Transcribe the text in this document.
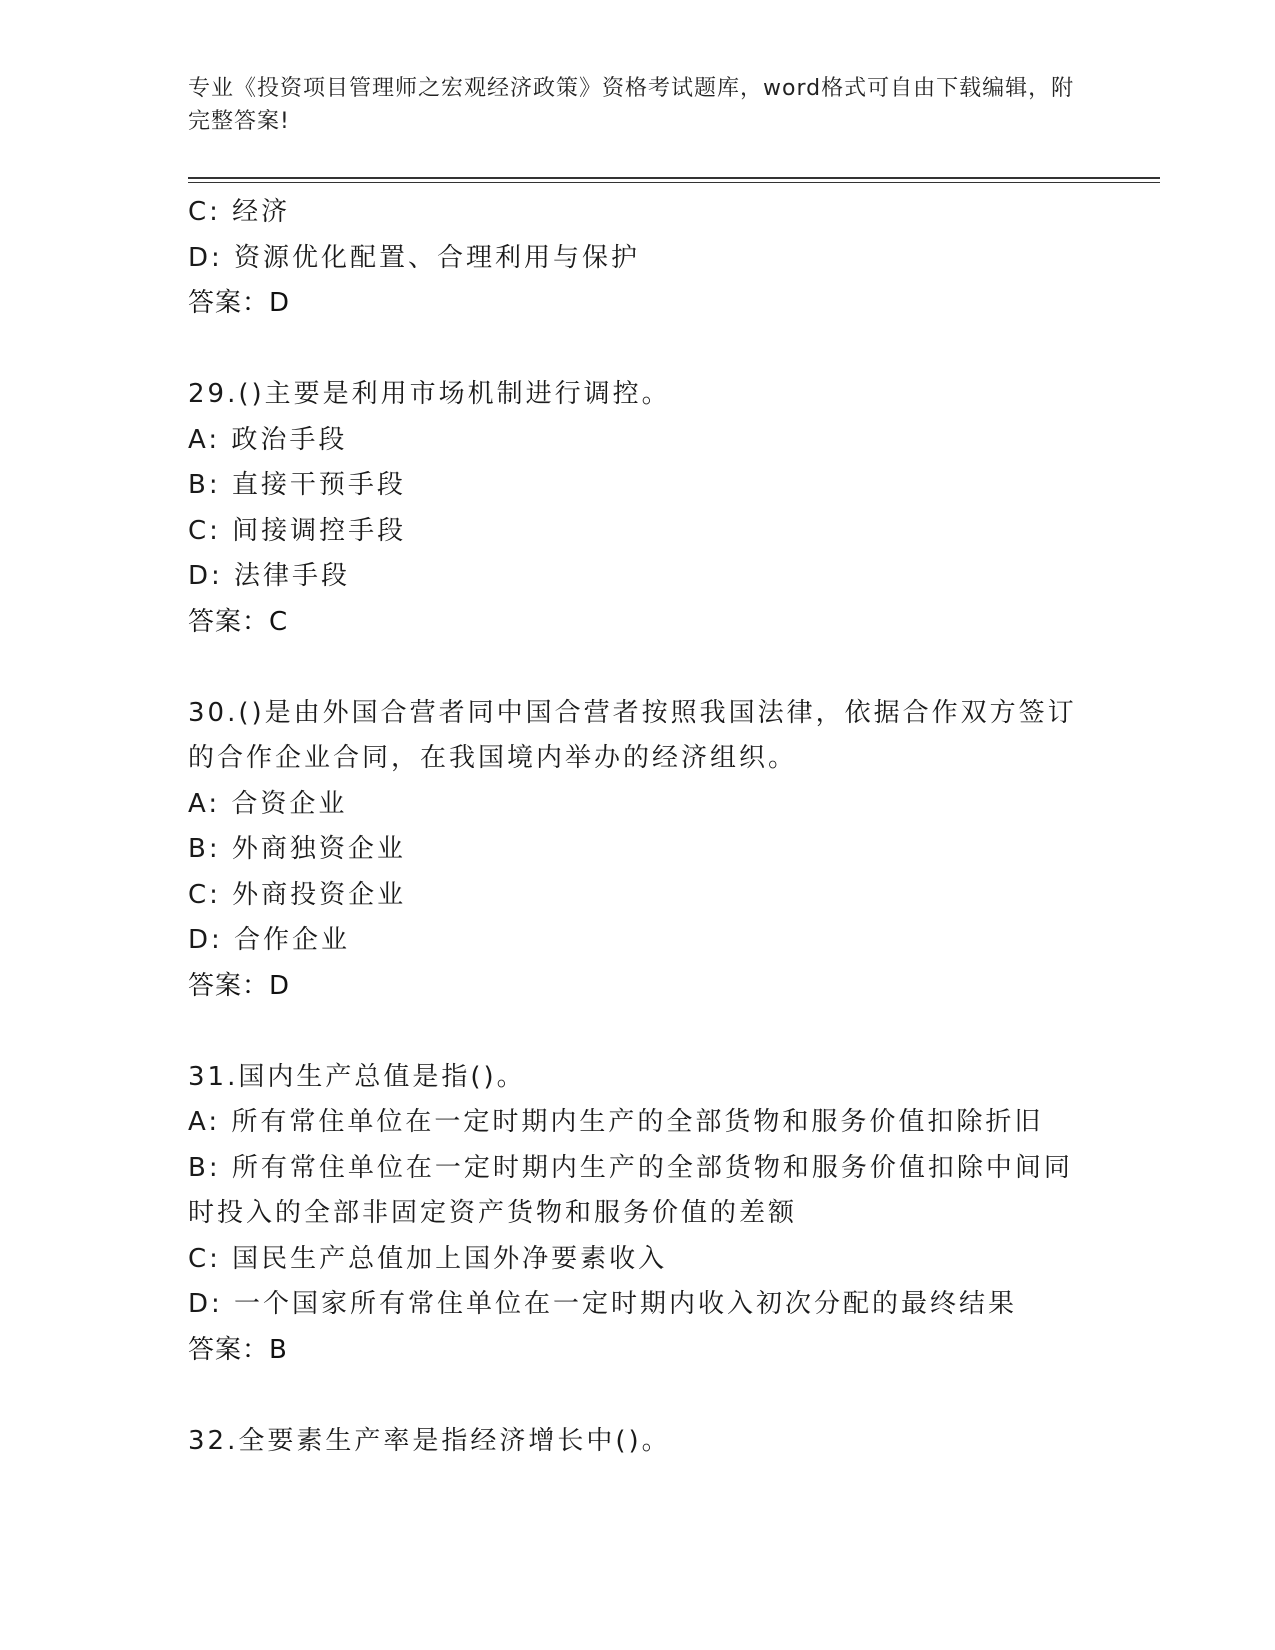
专业《投资项目管理师之宏观经济政策》资格考试题库，word格式可自由下载编辑，附完整答案!
C: 经济
D: 资源优化配置、合理利用与保护
答案：D
29.()主要是利用市场机制进行调控。
A: 政治手段
B: 直接干预手段
C: 间接调控手段
D: 法律手段
答案：C
30.()是由外国合营者同中国合营者按照我国法律，依据合作双方签订
的合作企业合同，在我国境内举办的经济组织。
A: 合资企业
B: 外商独资企业
C: 外商投资企业
D: 合作企业
答案：D
31.国内生产总值是指()。
A: 所有常住单位在一定时期内生产的全部货物和服务价值扣除折旧
B: 所有常住单位在一定时期内生产的全部货物和服务价值扣除中间同
时投入的全部非固定资产货物和服务价值的差额
C: 国民生产总值加上国外净要素收入
D: 一个国家所有常住单位在一定时期内收入初次分配的最终结果
答案：B
32.全要素生产率是指经济增长中()。
